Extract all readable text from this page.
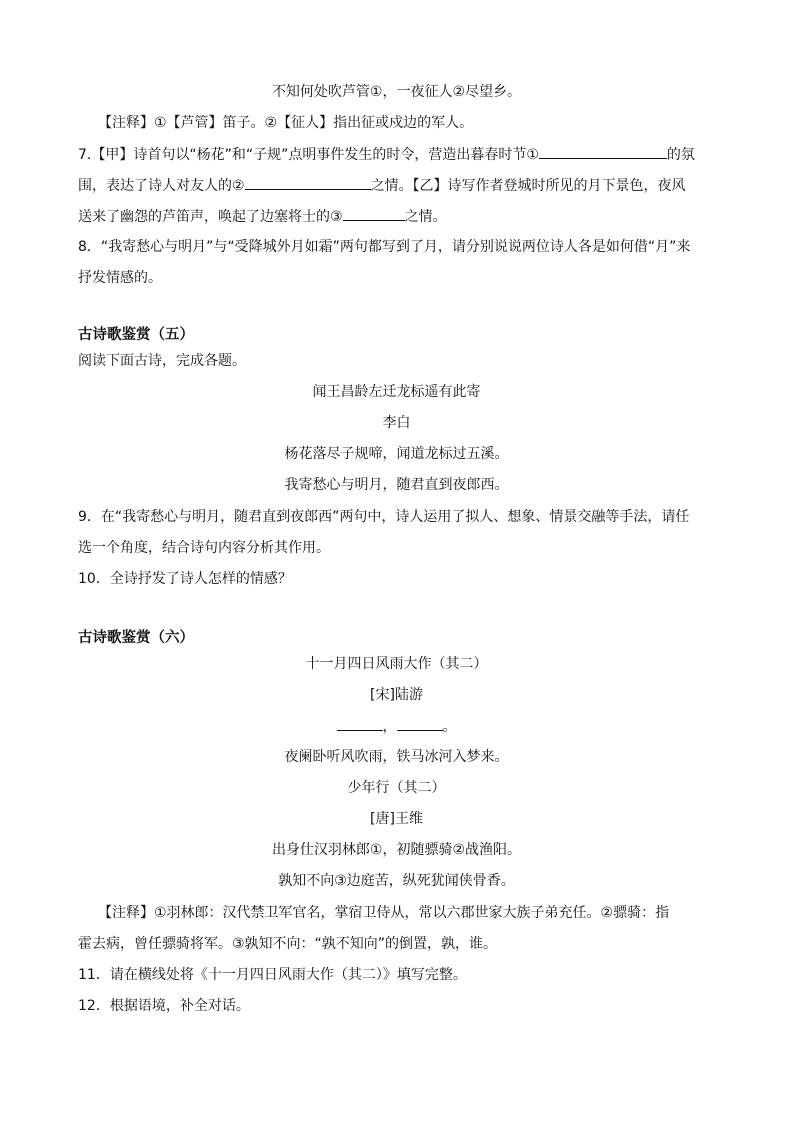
不知何处吹芦管①，一夜征人②尽望乡。
【注释】①【芦管】笛子。②【征人】指出征或戍边的军人。
7.【甲】诗首句以“杨花”和“子规”点明事件发生的时令，营造出暮春时节①	的氛
围，表达了诗人对友人的②	之情。【乙】诗写作者登城时所见的月下景色，夜风
送来了幽怨的芦笛声，唤起了边塞将士的③	之情。
8．“我寄愁心与明月”与“受降城外月如霜”两句都写到了月，请分别说说两位诗人各是如何借“月”来
抒发情感的。
古诗歌鉴赏（五）
阅读下面古诗，完成各题。
闻王昌龄左迁龙标遥有此寄
李白
杨花落尽子规啼，闻道龙标过五溪。
我寄愁心与明月，随君直到夜郎西。
9．在“我寄愁心与明月，随君直到夜郎西”两句中，诗人运用了拟人、想象、情景交融等手法，请任
选一个角度，结合诗句内容分析其作用。
10．全诗抒发了诗人怎样的情感？
古诗歌鉴赏（六）
十一月四日风雨大作（其二）
[宋]陆游
，	。
夜阑卧听风吹雨，铁马冰河入梦来。
少年行（其二）
[唐]王维
出身仕汉羽林郎①，初随骠骑②战渔阳。
孰知不向③边庭苦，纵死犹闻侠骨香。
【注释】①羽林郎：汉代禁卫军官名，掌宿卫侍从，常以六郡世家大族子弟充任。②骠骑：指
霍去病，曾任骠骑将军。③孰知不向：“孰不知向”的倒置，孰，谁。
11．请在横线处将《十一月四日风雨大作（其二）》填写完整。
12．根据语境，补全对话。
